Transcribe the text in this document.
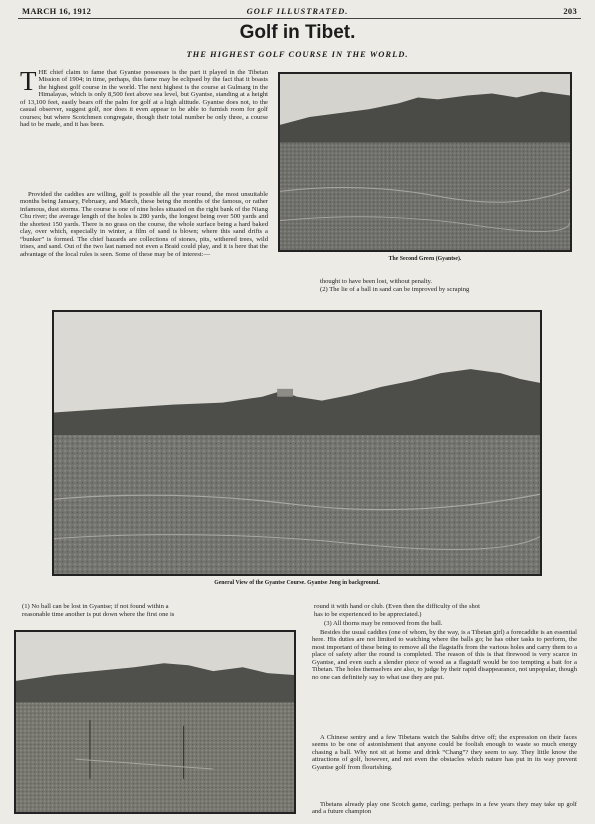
MARCH 16, 1912	GOLF ILLUSTRATED.	203
Golf in Tibet.
THE HIGHEST GOLF COURSE IN THE WORLD.
THE chief claim to fame that Gyantse possesses is the part it played in the Tibetan Mission of 1904; in time, perhaps, this fame may be eclipsed by the fact that it boasts the highest golf course in the world. The next highest is the course at Gulmarg in the Himalayas, which is only 8,500 feet above sea level, but Gyantse, standing at a height of 13,100 feet, easily bears off the palm for golf at a high altitude. Gyantse does not, to the casual observer, suggest golf, nor does it even appear to be able to furnish room for golf courses; but where Scotchmen congregate, though their total number be only three, a course had to be made, and it has been.
Provided the caddies are willing, golf is possible all the year round, the most unsuitable months being January, February, and March, these being the months of the famous, or rather infamous, dust storms. The course is one of nine holes situated on the right bank of the Niang Chu river; the average length of the holes is 280 yards, the longest being over 500 yards and the shortest 150 yards. There is no grass on the course, the whole surface being a hard baked clay, over which, especially in winter, a film of sand is blown; where this sand drifts a “bunker” is formed. The chief hazards are collections of stones, pits, withered trees, wild irises, and sand. Out of the two last named not even a Braid could play, and it is here that the advantage of the local rules is seen. Some of these may be of interest:—
The Second Green (Gyantse).
thought to have been lost, without penalty.
(2) The lie of a ball in sand can be improved by scraping
General View of the Gyantse Course. Gyantse Jong in background.
(1) No ball can be lost in Gyantse; if not found within a
reasonable time another is put down where the first one is
round it with hand or club. (Even then the difficulty of the shot
has to be experienced to be appreciated.)
(3) All thorns may be removed from the ball.
Besides the usual caddies (one of whom, by the way, is a Tibetan girl) a forecaddie is an essential here. His duties are not limited to watching where the balls go; he has other tasks to perform, the most important of these being to remove all the flagstaffs from the various holes and carry them to a place of safety after the round is completed. The reason of this is that firewood is very scarce in Gyantse, and even such a slender piece of wood as a flagstaff would be too tempting a bait for a Tibetan. The holes themselves are also, to judge by their rapid disappearance, not unpopular, though no one can definitely say to what use they are put.
A Chinese sentry and a few Tibetans watch the Sahibs drive off; the expression on their faces seems to be one of astonishment that anyone could be foolish enough to waste so much energy chasing a ball. Why not sit at home and drink “Chang”? they seem to say. They little know the attractions of golf, however, and not even the obstacles which nature has put in its way prevent Gyantse golf from flourishing.
Tibetans already play one Scotch game, curling; perhaps in a few years they may take up golf and a future champion
